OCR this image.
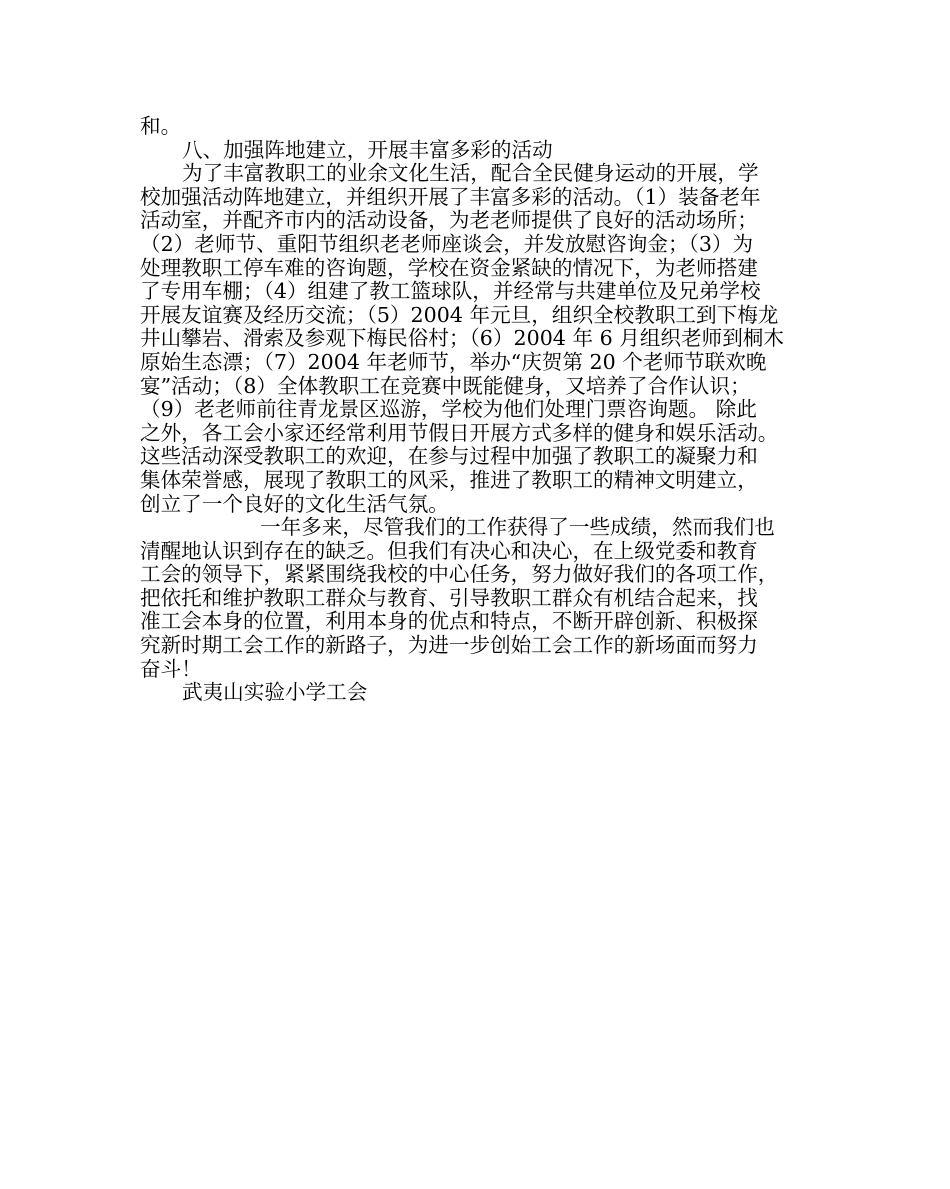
和。
八、加强阵地建立，开展丰富多彩的活动
为了丰富教职工的业余文化生活，配合全民健身运动的开展，学
校加强活动阵地建立，并组织开展了丰富多彩的活动。（1）装备老年
活动室，并配齐市内的活动设备，为老老师提供了良好的活动场所；
（2）老师节、重阳节组织老老师座谈会，并发放慰咨询金；（3）为
处理教职工停车难的咨询题，学校在资金紧缺的情况下，为老师搭建
了专用车棚；（4）组建了教工篮球队，并经常与共建单位及兄弟学校
开展友谊赛及经历交流；（5）2004 年元旦，组织全校教职工到下梅龙
井山攀岩、滑索及参观下梅民俗村；（6）2004 年 6 月组织老师到桐木
原始生态漂；（7）2004 年老师节，举办“庆贺第 20 个老师节联欢晚
宴”活动；（8）全体教职工在竞赛中既能健身，又培养了合作认识；
（9）老老师前往青龙景区巡游，学校为他们处理门票咨询题。 除此
之外，各工会小家还经常利用节假日开展方式多样的健身和娱乐活动。
这些活动深受教职工的欢迎，在参与过程中加强了教职工的凝聚力和
集体荣誉感，展现了教职工的风采，推进了教职工的精神文明建立，
创立了一个良好的文化生活气氛。
一年多来，尽管我们的工作获得了一些成绩，然而我们也
清醒地认识到存在的缺乏。但我们有决心和决心，在上级党委和教育
工会的领导下，紧紧围绕我校的中心任务，努力做好我们的各项工作，
把依托和维护教职工群众与教育、引导教职工群众有机结合起来，找
准工会本身的位置，利用本身的优点和特点，不断开辟创新、积极探
究新时期工会工作的新路子，为进一步创始工会工作的新场面而努力
奋斗！
武夷山实验小学工会
